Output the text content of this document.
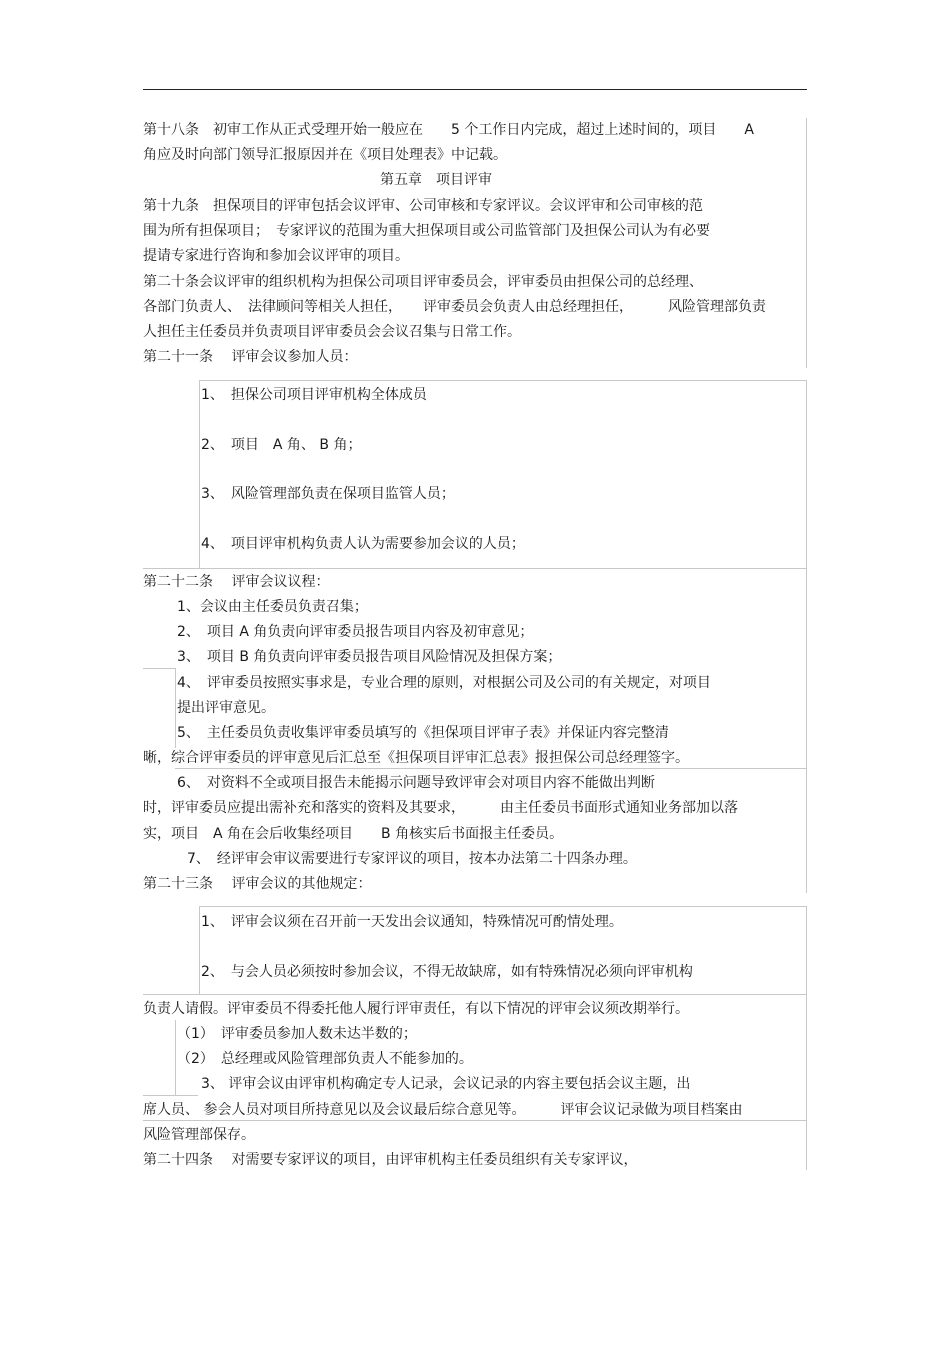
第十八条　初审工作从正式受理开始一般应在　　5 个工作日内完成，超过上述时间的，项目　　A
角应及时向部门领导汇报原因并在《项目处理表》中记载。
第五章　项目评审
第十九条　担保项目的评审包括会议评审、公司审核和专家评议。会议评审和公司审核的范
围为所有担保项目；　专家评议的范围为重大担保项目或公司监管部门及担保公司认为有必要
提请专家进行咨询和参加会议评审的项目。
第二十条会议评审的组织机构为担保公司项目评审委员会，评审委员由担保公司的总经理、
各部门负责人、　法律顾问等相关人担任，　　评审委员会负责人由总经理担任，　　　风险管理部负责
人担任主任委员并负责项目评审委员会会议召集与日常工作。
第二十一条　 评审会议参加人员：
1、　担保公司项目评审机构全体成员
2、　项目　A 角、 B 角；
3、　风险管理部负责在保项目监管人员；
4、　项目评审机构负责人认为需要参加会议的人员；
第二十二条　 评审会议议程：
1、会议由主任委员负责召集；
2、　项目 A 角负责向评审委员报告项目内容及初审意见；
3、　项目 B 角负责向评审委员报告项目风险情况及担保方案；
4、　评审委员按照实事求是，专业合理的原则，对根据公司及公司的有关规定，对项目
提出评审意见。
5、　主任委员负责收集评审委员填写的《担保项目评审子表》并保证内容完整清
晰，综合评审委员的评审意见后汇总至《担保项目评审汇总表》报担保公司总经理签字。
6、　对资料不全或项目报告未能揭示问题导致评审会对项目内容不能做出判断
时，评审委员应提出需补充和落实的资料及其要求，　　　由主任委员书面形式通知业务部加以落
实，项目　A 角在会后收集经项目　　B 角核实后书面报主任委员。
7、　经评审会审议需要进行专家评议的项目，按本办法第二十四条办理。
第二十三条　 评审会议的其他规定：
1、　评审会议须在召开前一天发出会议通知，特殊情况可酌情处理。
2、　与会人员必须按时参加会议，不得无故缺席，如有特殊情况必须向评审机构
负责人请假。评审委员不得委托他人履行评审责任，有以下情况的评审会议须改期举行。
（1）　评审委员参加人数未达半数的；
（2）　总经理或风险管理部负责人不能参加的。
3、 评审会议由评审机构确定专人记录，会议记录的内容主要包括会议主题，出
席人员、 参会人员对项目所持意见以及会议最后综合意见等。　　　评审会议记录做为项目档案由
风险管理部保存。
第二十四条　 对需要专家评议的项目，由评审机构主任委员组织有关专家评议，
